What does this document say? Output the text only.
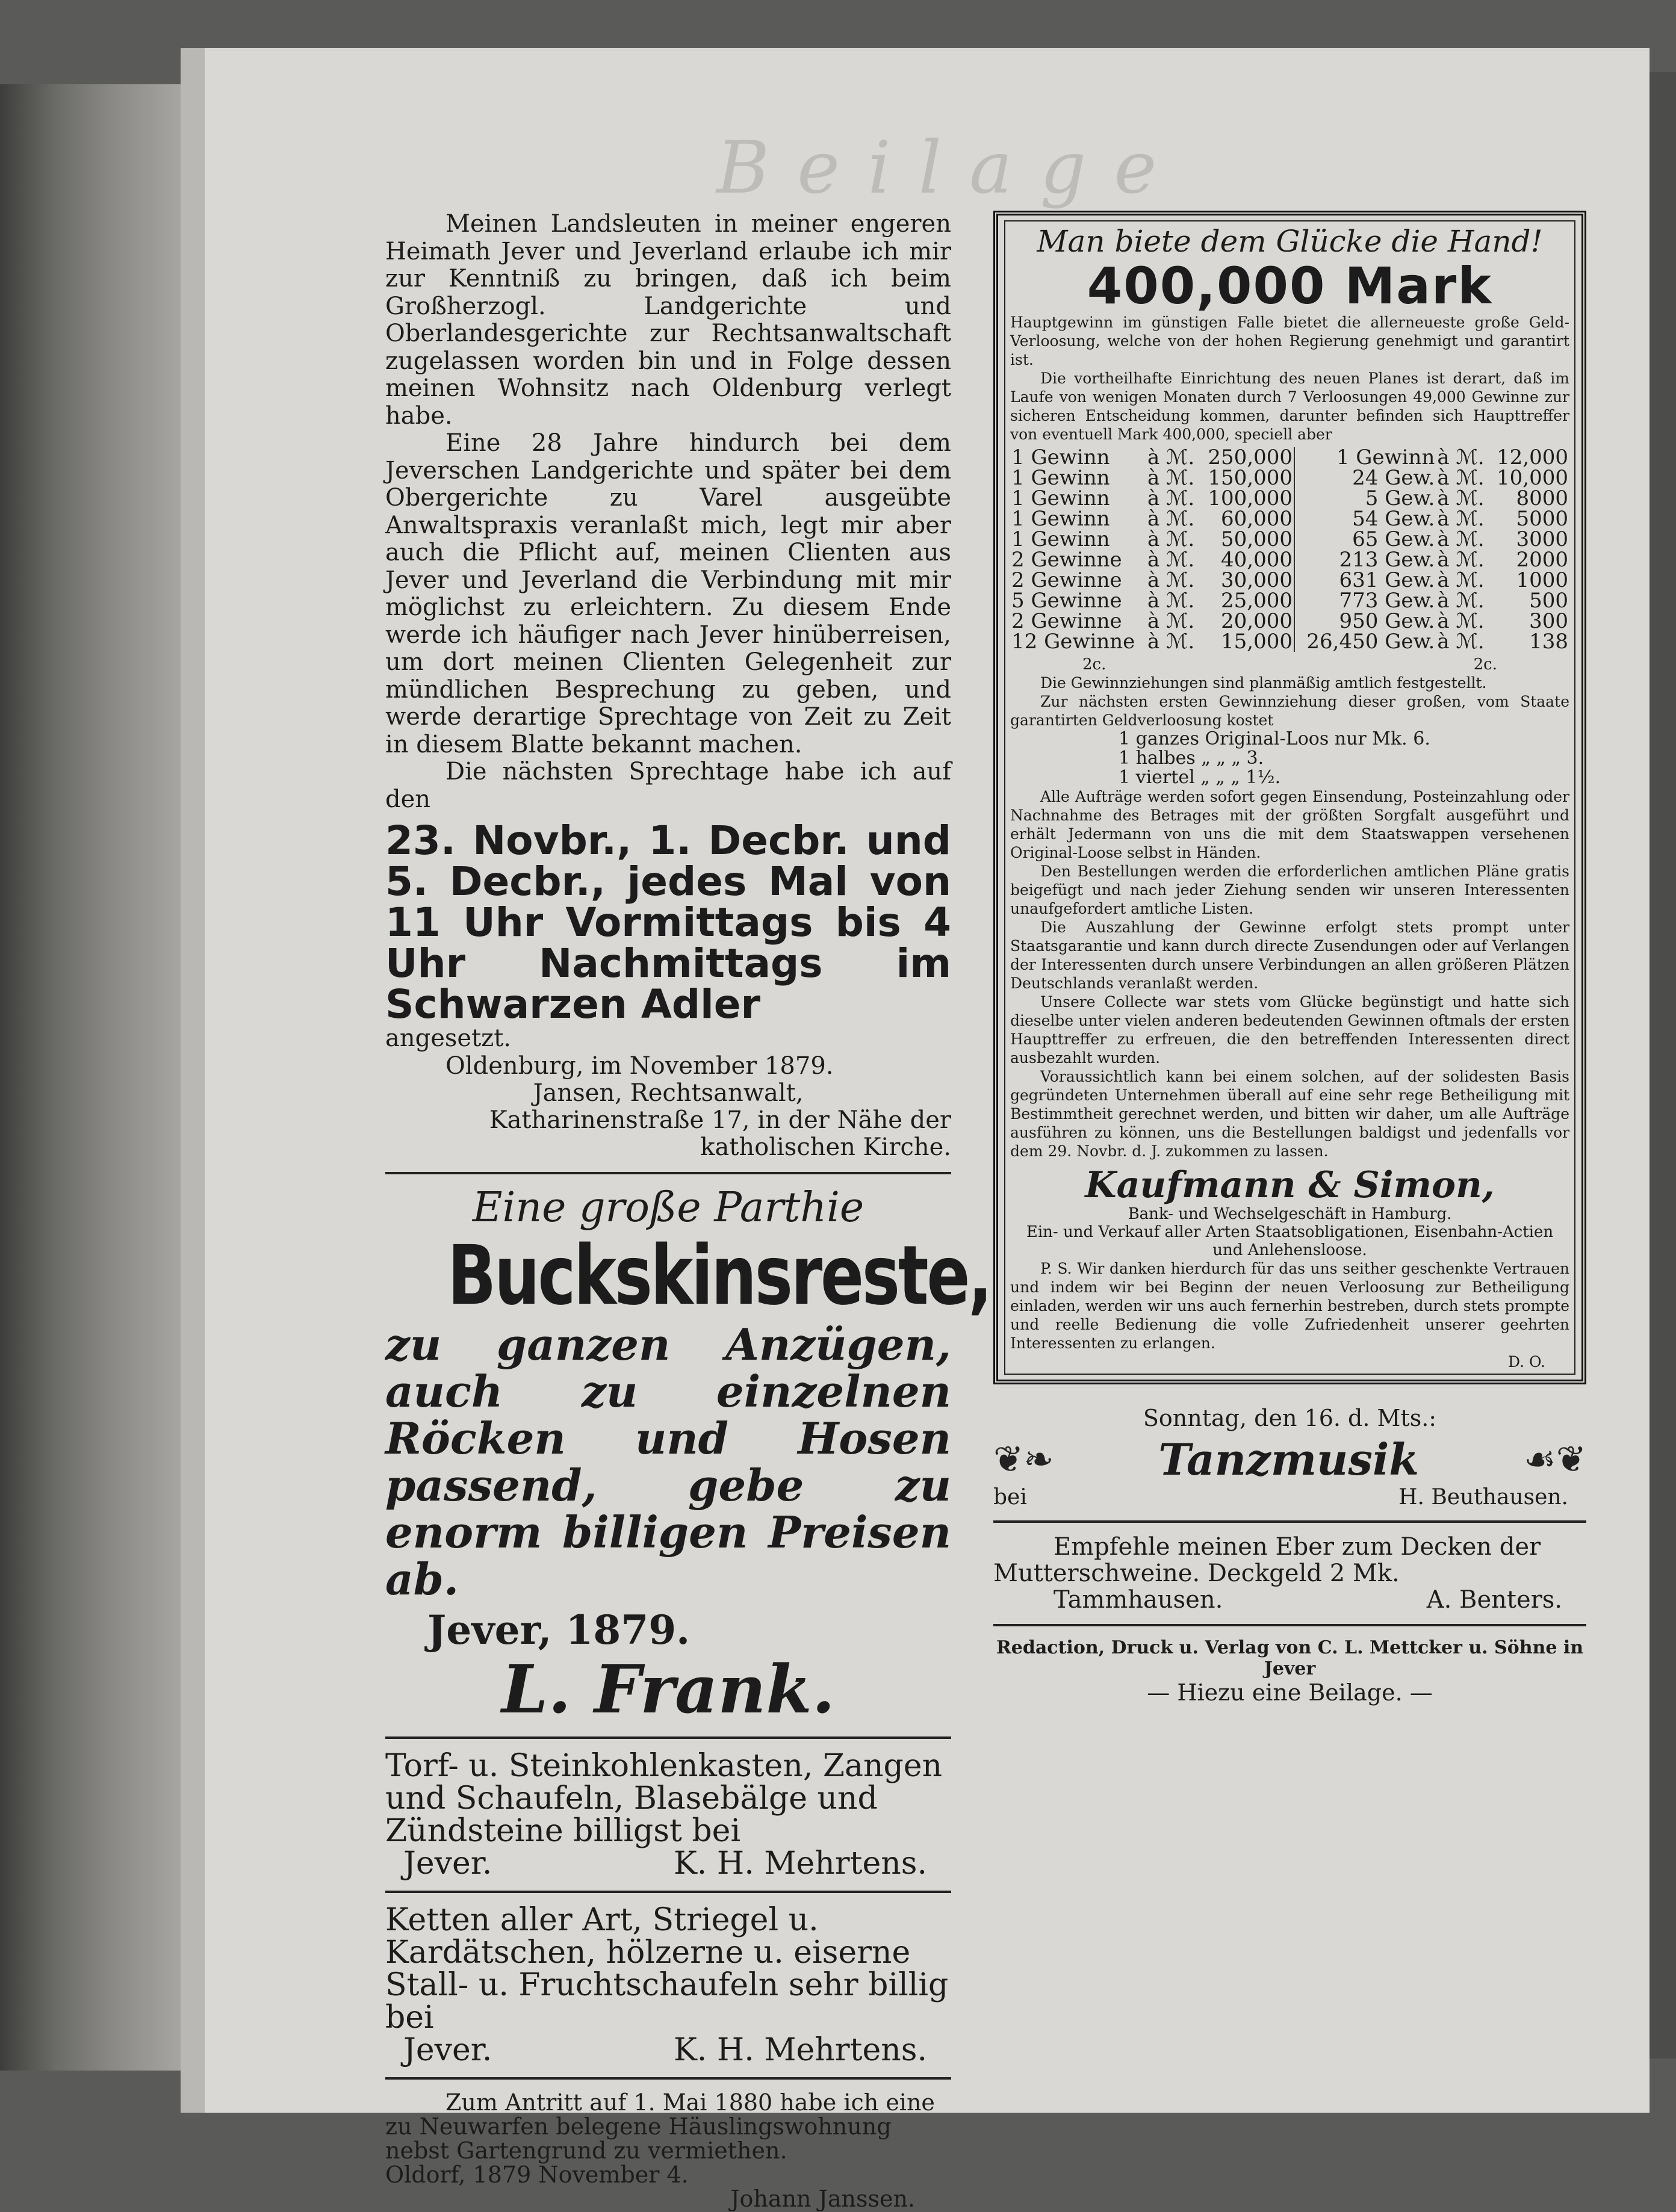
Beilage
Meinen Landsleuten in meiner engeren Heimath Jever und Jeverland erlaube ich mir zur Kenntniß zu bringen, daß ich beim Großherzogl. Landgerichte und Oberlandesgerichte zur Rechtsanwaltschaft zugelassen worden bin und in Folge dessen meinen Wohnsitz nach Oldenburg verlegt habe.
Eine 28 Jahre hindurch bei dem Jeverschen Landgerichte und später bei dem Obergerichte zu Varel ausgeübte Anwaltspraxis veranlaßt mich, legt mir aber auch die Pflicht auf, meinen Clienten aus Jever und Jeverland die Verbindung mit mir möglichst zu erleichtern. Zu diesem Ende werde ich häufiger nach Jever hinüberreisen, um dort meinen Clienten Gelegenheit zur mündlichen Besprechung zu geben, und werde derartige Sprechtage von Zeit zu Zeit in diesem Blatte bekannt machen.
Die nächsten Sprechtage habe ich auf den
23. Novbr., 1. Decbr. und 5. Decbr., jedes Mal von 11 Uhr Vormittags bis 4 Uhr Nachmittags im Schwarzen Adler
angesetzt.
Oldenburg, im November 1879.
Jansen, Rechtsanwalt,
Katharinenstraße 17, in der Nähe der katholischen Kirche.
Eine große Parthie
Buckskinsreste,
zu ganzen Anzügen, auch zu einzelnen Röcken und Hosen passend, gebe zu enorm billigen Preisen ab.
Jever, 1879.
L. Frank.
Torf- u. Steinkohlenkasten, Zangen und Schaufeln, Blasebälge und Zündsteine billigst bei
Jever.	K. H. Mehrtens.
Ketten aller Art, Striegel u. Kardätschen, hölzerne u. eiserne Stall- u. Fruchtschaufeln sehr billig bei
Jever.	K. H. Mehrtens.
Zum Antritt auf 1. Mai 1880 habe ich eine zu Neuwarfen belegene Häuslingswohnung nebst Gartengrund zu vermiethen.
Oldorf, 1879 November 4.
Johann Janssen.
Man biete dem Glücke die Hand!
400,000 Mark
Hauptgewinn im günstigen Falle bietet die allerneueste große Geld-Verloosung, welche von der hohen Regierung genehmigt und garantirt ist.
Die vortheilhafte Einrichtung des neuen Planes ist derart, daß im Laufe von wenigen Monaten durch 7 Verloosungen 49,000 Gewinne zur sicheren Entscheidung kommen, darunter befinden sich Haupttreffer von eventuell Mark 400,000, speciell aber
1 Gewinn	à ℳ.	250,000	1 Gewinn	à ℳ.	12,000
1 Gewinn	à ℳ.	150,000	24 Gew.	à ℳ.	10,000
1 Gewinn	à ℳ.	100,000	5 Gew.	à ℳ.	8000
1 Gewinn	à ℳ.	60,000	54 Gew.	à ℳ.	5000
1 Gewinn	à ℳ.	50,000	65 Gew.	à ℳ.	3000
2 Gewinne	à ℳ.	40,000	213 Gew.	à ℳ.	2000
2 Gewinne	à ℳ.	30,000	631 Gew.	à ℳ.	1000
5 Gewinne	à ℳ.	25,000	773 Gew.	à ℳ.	500
2 Gewinne	à ℳ.	20,000	950 Gew.	à ℳ.	300
12 Gewinne	à ℳ.	15,000	26,450 Gew.	à ℳ.	138
2c.	2c.
Die Gewinnziehungen sind planmäßig amtlich festgestellt.
Zur nächsten ersten Gewinnziehung dieser großen, vom Staate garantirten Geldverloosung kostet
1 ganzes Original-Loos nur Mk. 6.
1 halbes „ „ „ 3.
1 viertel „ „ „ 1½.
Alle Aufträge werden sofort gegen Einsendung, Posteinzahlung oder Nachnahme des Betrages mit der größten Sorgfalt ausgeführt und erhält Jedermann von uns die mit dem Staatswappen versehenen Original-Loose selbst in Händen.
Den Bestellungen werden die erforderlichen amtlichen Pläne gratis beigefügt und nach jeder Ziehung senden wir unseren Interessenten unaufgefordert amtliche Listen.
Die Auszahlung der Gewinne erfolgt stets prompt unter Staatsgarantie und kann durch directe Zusendungen oder auf Verlangen der Interessenten durch unsere Verbindungen an allen größeren Plätzen Deutschlands veranlaßt werden.
Unsere Collecte war stets vom Glücke begünstigt und hatte sich dieselbe unter vielen anderen bedeutenden Gewinnen oftmals der ersten Haupttreffer zu erfreuen, die den betreffenden Interessenten direct ausbezahlt wurden.
Voraussichtlich kann bei einem solchen, auf der solidesten Basis gegründeten Unternehmen überall auf eine sehr rege Betheiligung mit Bestimmtheit gerechnet werden, und bitten wir daher, um alle Aufträge ausführen zu können, uns die Bestellungen baldigst und jedenfalls vor dem 29. Novbr. d. J. zukommen zu lassen.
Kaufmann & Simon,
Bank- und Wechselgeschäft in Hamburg.
Ein- und Verkauf aller Arten Staatsobligationen, Eisenbahn-Actien und Anlehensloose.
P. S. Wir danken hierdurch für das uns seither geschenkte Vertrauen und indem wir bei Beginn der neuen Verloosung zur Betheiligung einladen, werden wir uns auch fernerhin bestreben, durch stets prompte und reelle Bedienung die volle Zufriedenheit unserer geehrten Interessenten zu erlangen.
D. O.
Sonntag, den 16. d. Mts.:
❦❧ Tanzmusik	☙❦
bei	H. Beuthausen.
Empfehle meinen Eber zum Decken der Mutterschweine. Deckgeld 2 Mk.
Tammhausen.	A. Benters.
Redaction, Druck u. Verlag von C. L. Mettcker u. Söhne in Jever
— Hiezu eine Beilage. —
